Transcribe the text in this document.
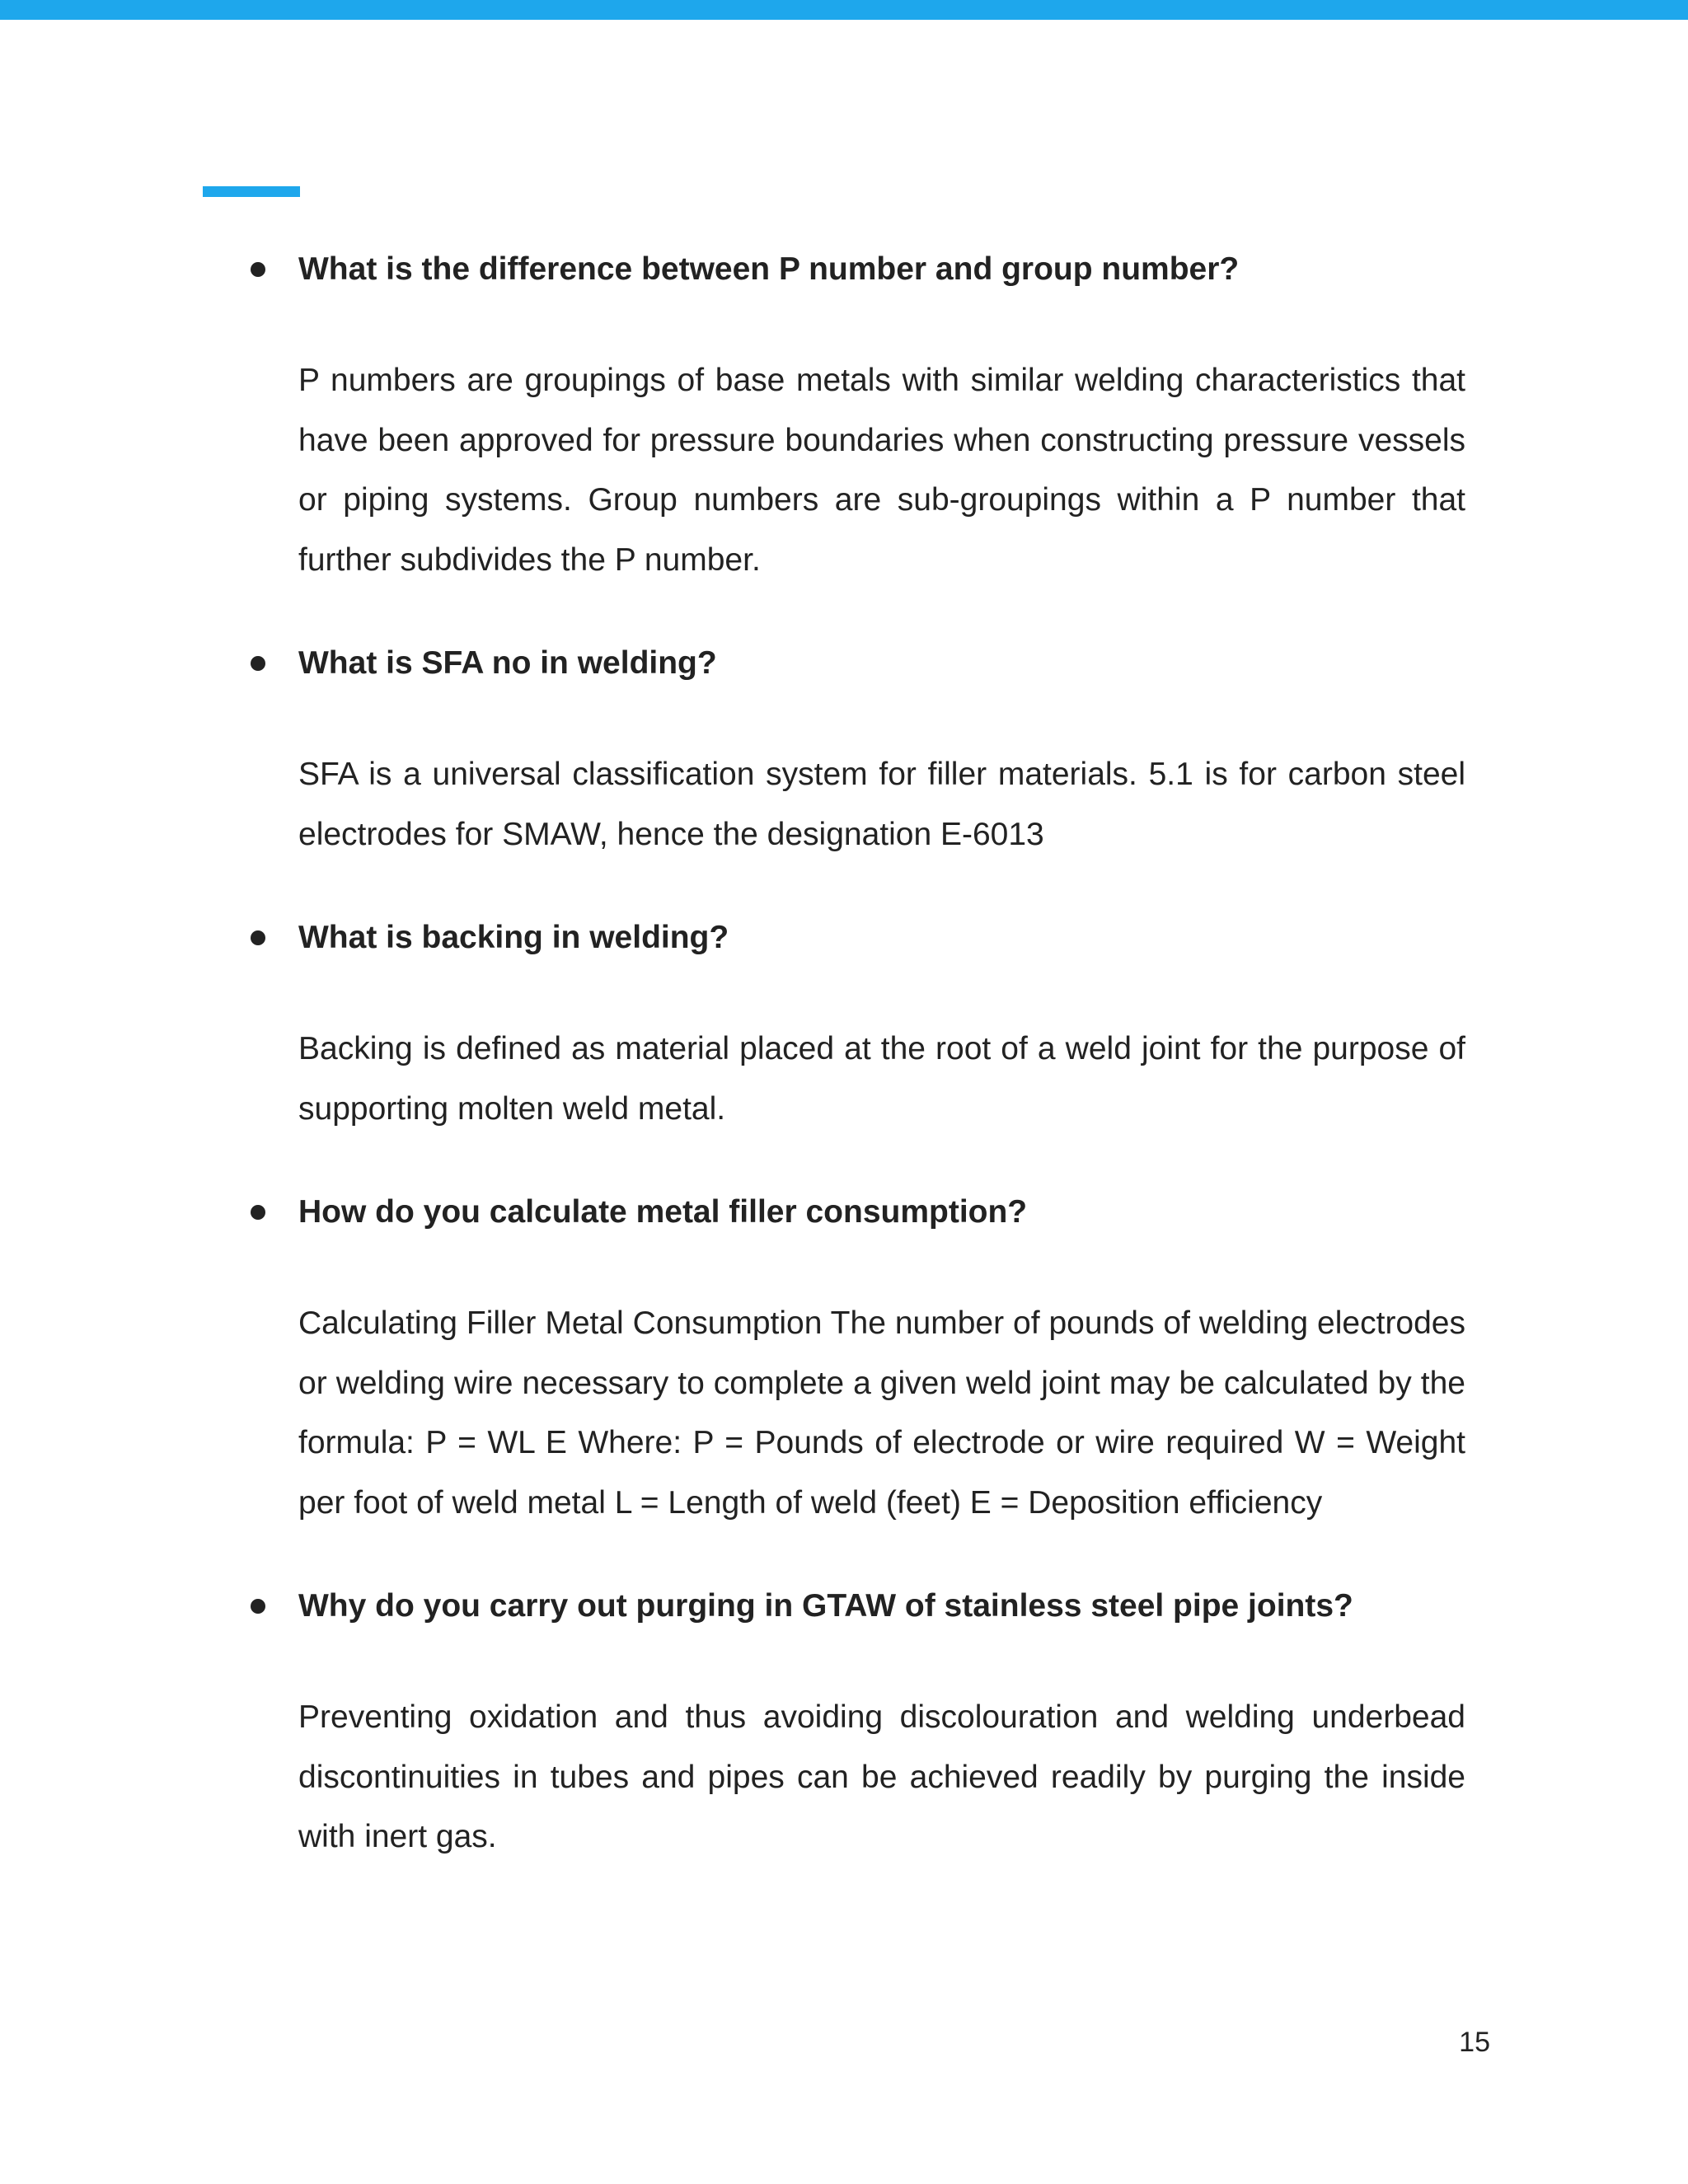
What is the difference between P number and group number?
P numbers are groupings of base metals with similar welding characteristics that have been approved for pressure boundaries when constructing pressure vessels or piping systems. Group numbers are sub-groupings within a P number that further subdivides the P number.
What is SFA no in welding?
SFA is a universal classification system for filler materials. 5.1 is for carbon steel electrodes for SMAW, hence the designation E-6013
What is backing in welding?
Backing is defined as material placed at the root of a weld joint for the purpose of supporting molten weld metal.
How do you calculate metal filler consumption?
Calculating Filler Metal Consumption The number of pounds of welding electrodes or welding wire necessary to complete a given weld joint may be calculated by the formula: P = WL E Where: P = Pounds of electrode or wire required W = Weight per foot of weld metal L = Length of weld (feet) E = Deposition efficiency
Why do you carry out purging in GTAW of stainless steel pipe joints?
Preventing oxidation and thus avoiding discolouration and welding underbead discontinuities in tubes and pipes can be achieved readily by purging the inside with inert gas.
15
